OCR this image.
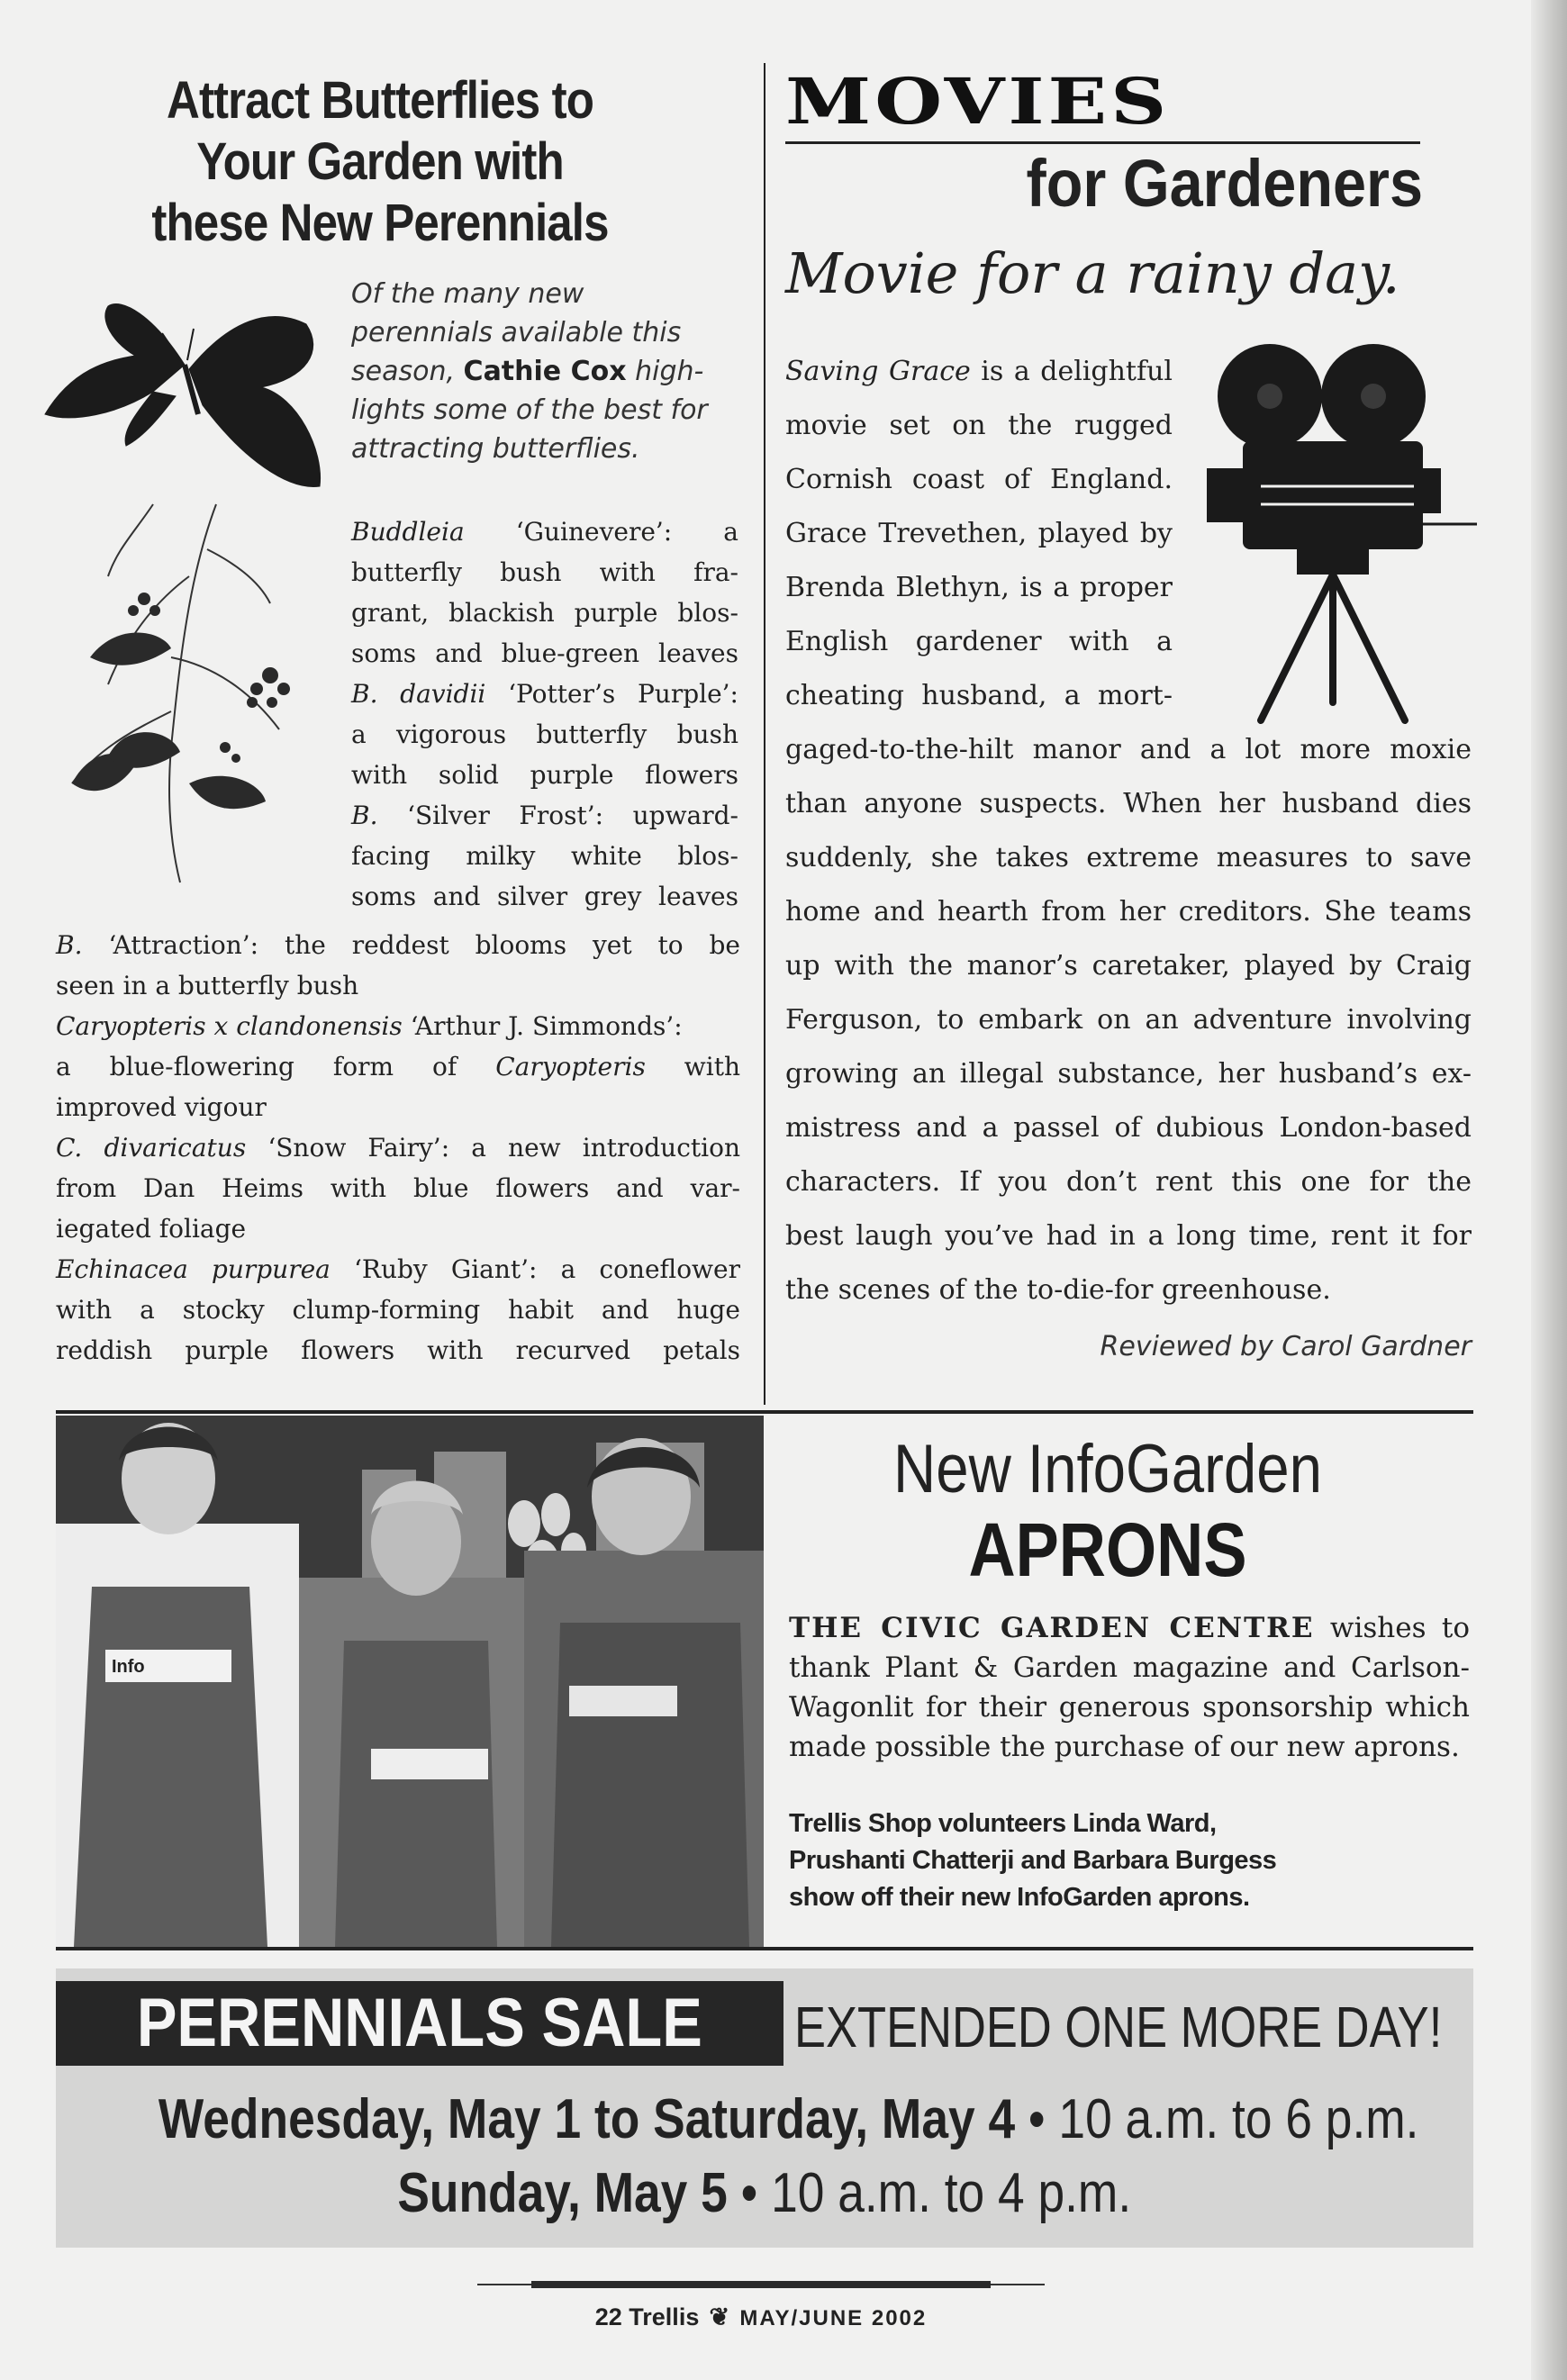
Attract Butterflies to
Your Garden with
these New Perennials
Of the many new
perennials available this
season, Cathie Cox high-
lights some of the best for
attracting butterflies.
Buddleia ‘Guinevere’: a
butterfly bush with fra-
grant, blackish purple blos-
soms and blue-green leaves
B. davidii ‘Potter’s Purple’:
a vigorous butterfly bush
with solid purple flowers
B. ‘Silver Frost’: upward-
facing milky white blos-
soms and silver grey leaves
B. ‘Attraction’: the reddest blooms yet to be
seen in a butterfly bush
Caryopteris x clandonensis ‘Arthur J. Simmonds’:
a blue-flowering form of Caryopteris with
improved vigour
C. divaricatus ‘Snow Fairy’: a new introduction
from Dan Heims with blue flowers and var-
iegated foliage
Echinacea purpurea ‘Ruby Giant’: a coneflower
with a stocky clump-forming habit and huge
reddish purple flowers with recurved petals
MOVIES
for Gardeners
Movie for a rainy day.
Saving Grace is a delightful
movie set on the rugged
Cornish coast of England.
Grace Trevethen, played by
Brenda Blethyn, is a proper
English gardener with a
cheating husband, a mort-
gaged-to-the-hilt manor and a lot more moxie
than anyone suspects. When her husband dies
suddenly, she takes extreme measures to save
home and hearth from her creditors. She teams
up with the manor’s caretaker, played by Craig
Ferguson, to embark on an adventure involving
growing an illegal substance, her husband’s ex-
mistress and a passel of dubious London-based
characters. If you don’t rent this one for the
best laugh you’ve had in a long time, rent it for
the scenes of the to-die-for greenhouse.
Reviewed by Carol Gardner
Info
New InfoGarden
APRONS
THE CIVIC GARDEN CENTRE wishes to
thank Plant & Garden magazine and Carlson-
Wagonlit for their generous sponsorship which
made possible the purchase of our new aprons.
Trellis Shop volunteers Linda Ward,
Prushanti Chatterji and Barbara Burgess
show off their new InfoGarden aprons.
PERENNIALS SALE	EXTENDED ONE MORE DAY!
Wednesday, May 1 to Saturday, May 4 • 10 a.m. to 6 p.m.
Sunday, May 5 • 10 a.m. to 4 p.m.
22 Trellis ❦ MAY/JUNE 2002
